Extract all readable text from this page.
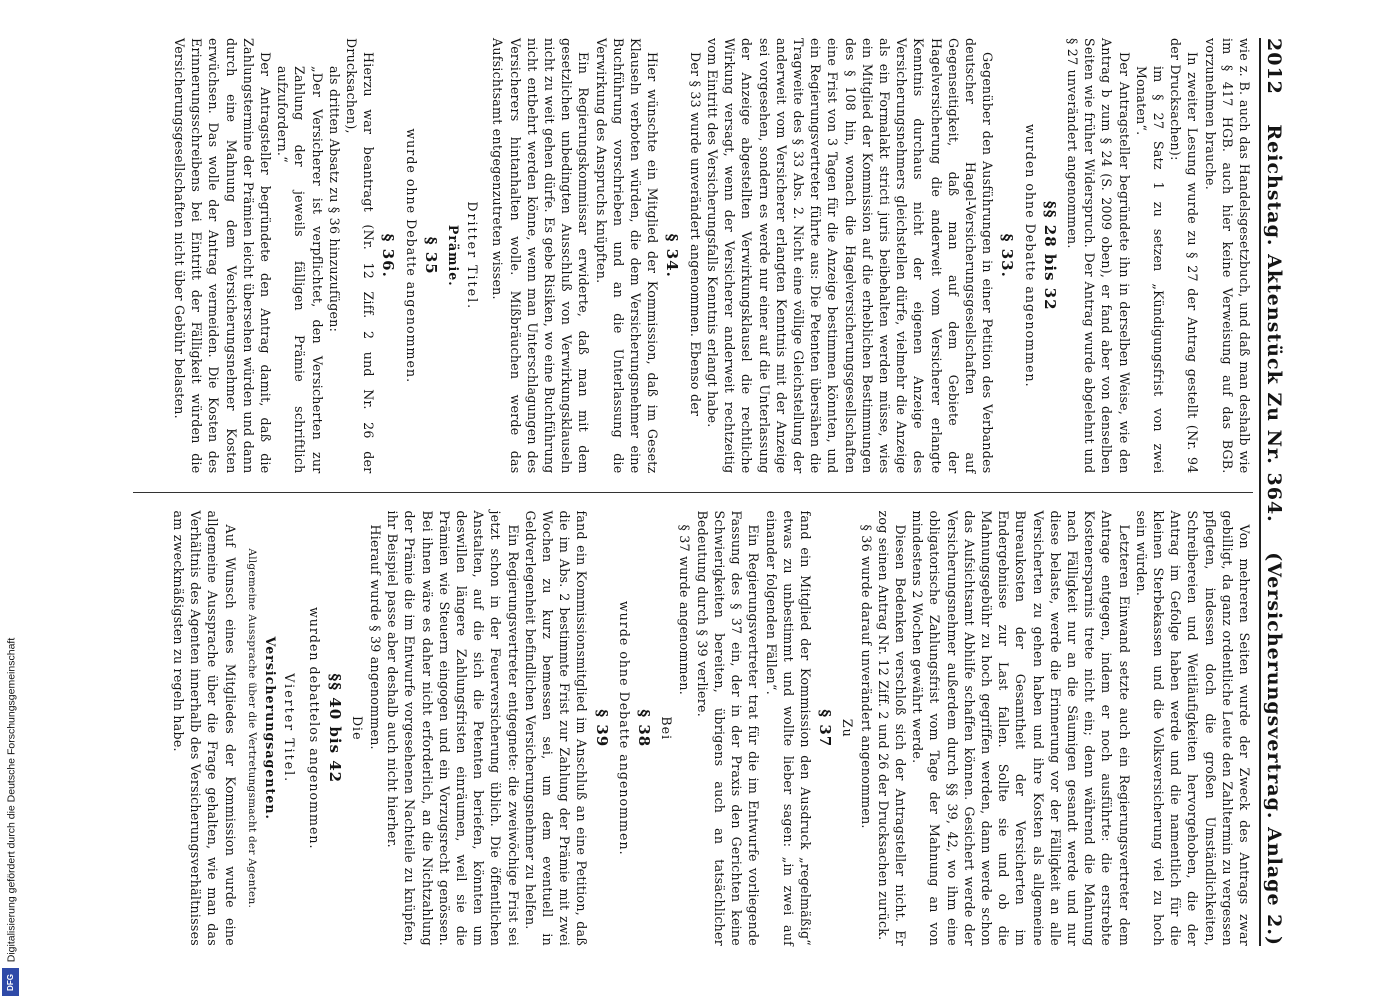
2012
Reichstag. Aktenstück Zu Nr. 364.
(Versicherungsvertrag. Anlage 2.)

wie z. B. auch das Handelsgesetzbuch, und daß man deshalb wie im § 417 HGB. auch hier keine Verweisung auf das BGB. vorzunehmen brauche.

In zweiter Lesung wurde zu § 27 der Antrag gestellt (Nr. 94 der Drucksachen):

im § 27 Satz 1 zu setzen „Kündigungsfrist von zwei Monaten“.

Der Antragsteller begründete ihn in derselben Weise, wie den Antrag b zum § 24 (S. 2009 oben), er fand aber von denselben Seiten wie früher Widerspruch. Der Antrag wurde abgelehnt und § 27 unverändert angenommen.

§§ 28 bis 32
wurden ohne Debatte angenommen.
§ 33.

Gegenüber den Ausführungen in einer Petition des Verbandes deutscher Hagel-Versicherungsgesellschaften auf Gegenseitigkeit, daß man auf dem Gebiete der Hagelversicherung die anderweit vom Versicherer erlangte Kenntnis durchaus nicht der eigenen Anzeige des Versicherungsnehmers gleichstellen dürfe, vielmehr die Anzeige als ein Formalakt stricti juris beibehalten werden müsse, wies ein Mitglied der Kommission auf die erheblichen Bestimmungen des § 108 hin, wonach die Hagelversicherungsgesellschaften eine Frist von 3 Tagen für die Anzeige bestimmen könnten, und ein Regierungsvertreter führte aus: Die Petenten übersähen die Tragweite des § 33 Abs. 2. Nicht eine völlige Gleichstellung der anderweit vom Versicherer erlangten Kenntnis mit der Anzeige sei vorgesehen, sondern es werde nur einer auf die Unterlassung der Anzeige abgestellten Verwirkungsklausel die rechtliche Wirkung versagt, wenn der Versicherer anderweit rechtzeitig vom Eintritt des Versicherungsfalls Kenntnis erlangt habe.

Der § 33 wurde unverändert angenommen. Ebenso der

§ 34.

Hier wünschte ein Mitglied der Kommission, daß im Gesetz Klauseln verboten würden, die dem Versicherungsnehmer eine Buchführung vorschrieben und an die Unterlassung die Verwirkung des Anspruchs knüpften.

Ein Regierungskommissar erwiderte, daß man mit dem gesetzlichen unbedingten Ausschluß von Verwirkungsklauseln nicht zu weit gehen dürfe. Es gebe Risiken, wo eine Buchführung nicht entbehrt werden könne, wenn man Unterschlagungen des Versicherers hintanhalten wolle. Mißbräuchen werde das Aufsichtsamt entgegenzutreten wissen.

Dritter Titel.
Prämie.
§ 35
wurde ohne Debatte angenommen.
§ 36.

Hierzu war beantragt (Nr. 12 Ziff. 2 und Nr. 26 der Drucksachen),

als dritten Absatz zu § 36 hinzuzufügen:

„Der Versicherer ist verpflichtet, den Versicherten zur Zahlung der jeweils fälligen Prämie schriftlich aufzufordern.“

Der Antragsteller begründete den Antrag damit, daß die Zahlungstermine der Prämien leicht übersehen würden und dann durch eine Mahnung dem Versicherungsnehmer Kosten erwüchsen. Das wolle der Antrag vermeiden. Die Kosten des Erinnerungsschreibens bei Eintritt der Fälligkeit würden die Versicherungsgesellschaften nicht über Gebühr belasten.

Von mehreren Seiten wurde der Zweck des Antrags zwar gebilligt, da ganz ordentliche Leute den Zahltermin zu vergessen pflegten, indessen doch die großen Umständlichkeiten, Schreibereien und Weitläufigkeiten hervorgehoben, die der Antrag im Gefolge haben werde und die namentlich für die kleinen Sterbekassen und die Volksversicherung viel zu hoch sein würden.

Letzteren Einwand setzte auch ein Regierungsvertreter dem Antrage entgegen, indem er noch ausführte: die erstrebte Kostenersparnis trete nicht ein; denn während die Mahnung nach Fälligkeit nur an die Säumigen gesandt werde und nur diese belaste, werde die Erinnerung vor der Fälligkeit an alle Versicherten zu gehen haben und ihre Kosten als allgemeine Bureaukosten der Gesamtheit der Versicherten im Endergebnisse zur Last fallen. Sollte sie und ob die Mahnungsgebühr zu hoch gegriffen werden, dann werde schon das Aufsichtsamt Abhilfe schaffen können. Gesichert werde der Versicherungsnehmer außerdem durch §§ 39, 42, wo ihm eine obligatorische Zahlungsfrist vom Tage der Mahnung an von mindestens 2 Wochen gewährt werde.

Diesen Bedenken verschloß sich der Antragsteller nicht. Er zog seinen Antrag Nr. 12 Ziff. 2 und 26 der Drucksachen zurück.

§ 36 wurde darauf unverändert angenommen.

Zu
§ 37

fand ein Mitglied der Kommission den Ausdruck „regelmäßig“ etwas zu unbestimmt und wollte lieber sagen: „in zwei auf einander folgenden Fällen“.

Ein Regierungsvertreter trat für die im Entwurfe vorliegende Fassung des § 37 ein, der in der Praxis den Gerichten keine Schwierigkeiten bereiten, übrigens auch an tatsächlicher Bedeutung durch § 39 verliere.

§ 37 wurde angenommen.

Bei
§ 38
wurde ohne Debatte angenommen.
§ 39

fand ein Kommissionsmitglied im Anschluß an eine Petition, daß die im Abs. 2 bestimmte Frist zur Zahlung der Prämie mit zwei Wochen zu kurz bemessen sei, um dem eventuell in Geldverlegenheit befindlichen Versicherungsnehmer zu helfen.

Ein Regierungsvertreter entgegnete: die zweiwöchige Frist sei jetzt schon in der Feuerversicherung üblich. Die öffentlichen Anstalten, auf die sich die Petenten beriefen, könnten um deswillen längere Zahlungsfristen einräumen, weil sie die Prämien wie Steuern eingogen und ein Vorzugsrecht genössen. Bei ihnen wäre es daher nicht erforderlich, an die Nichtzahlung der Prämie die im Entwurfe vorgesehenen Nachteile zu knüpfen, ihr Beispiel passe aber deshalb auch nicht hierher.

Hierauf wurde § 39 angenommen.

Die
§§ 40 bis 42
wurden debattelos angenommen.
Vierter Titel.
Versicherungsagenten.
Allgemeine Aussprache über die Vertretungsmacht der Agenten.

Auf Wunsch eines Mitgliedes der Kommission wurde eine allgemeine Aussprache über die Frage gehalten, wie man das Verhältnis des Agenten innerhalb des Versicherungsverhältnisses am zweckmäßigsten zu regeln habe.

Digitalisierung gefördert durch die Deutsche Forschungsgemeinschaft
DFG
